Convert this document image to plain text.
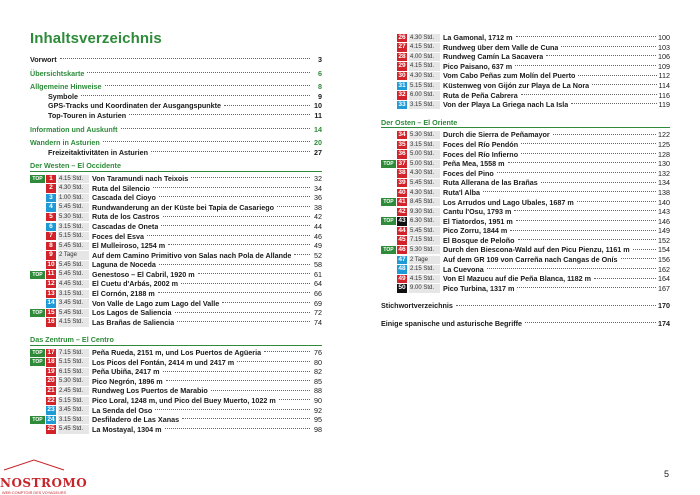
Inhaltsverzeichnis
Vorwort	3
Übersichtskarte	6
Allgemeine Hinweise	8
Symbole	9
GPS-Tracks und Koordinaten der Ausgangspunkte	10
Top-Touren in Asturien	11
Information und Auskunft	14
Wandern in Asturien	20
Freizeitaktivitäten in Asturien	27
Der Westen – El Occidente
TOP 1	4.15 Std.	Von Taramundi nach Teixois	32
2	4.30 Std.	Ruta del Silencio	34
3	1.00 Std.	Cascada del Cioyo	36
4	5.45 Std.	Rundwanderung an der Küste bei Tapia de Casariego	38
5	5.30 Std.	Ruta de los Castros	42
6	3.15 Std.	Cascadas de Oneta	44
7	5.15 Std.	Foces del Esva	46
8	5.45 Std.	El Mulleiroso, 1254 m	49
9	2 Tage	Auf dem Camino Primitivo von Salas nach Pola de Allande	52
10 5.45 Std.	Laguna de Noceda	58
TOP 11 5.45 Std.	Genestoso – El Cabril, 1920 m	61
12 4.45 Std.	El Cuetu d'Arbás, 2002 m	64
13 3.15 Std.	El Cornón, 2188 m	66
14 3.45 Std.	Von Valle de Lago zum Lago del Valle	69
TOP 15 5.45 Std.	Los Lagos de Saliencia	72
16 4.15 Std.	Las Brañas de Saliencia	74
Das Zentrum – El Centro
TOP 17 7.15 Std.	Peña Rueda, 2151 m, und Los Puertos de Agüeria	76
TOP 18 5.15 Std.	Los Picos del Fontán, 2414 m und 2417 m	80
19 6.15 Std.	Peña Ubiña, 2417 m	82
20 5.30 Std.	Pico Negrón, 1896 m	85
21 2.45 Std.	Rundweg Los Puertos de Marabio	88
22 5.15 Std.	Pico Loral, 1248 m, und Pico del Buey Muerto, 1022 m	90
23 3.45 Std.	La Senda del Oso	92
TOP 24 3.15 Std.	Desfiladero de Las Xanas	95
25 5.45 Std.	La Mostayal, 1304 m	98
26 4.30 Std.	La Gamonal, 1712 m	100
27 4.15 Std.	Rundweg über dem Valle de Cuna	103
28 4.00 Std.	Rundweg Camín La Sacavera	106
29 4.15 Std.	Pico Paisano, 637 m	109
30 4.30 Std.	Vom Cabo Peñas zum Molín del Puerto	112
31 5.15 Std.	Küstenweg von Gijón zur Playa de La Nora	114
32 6.00 Std.	Ruta de Peña Cabrera	116
33 3.15 Std.	Von der Playa La Griega nach La Isla	119
Der Osten – El Oriente
34 5.30 Std.	Durch die Sierra de Peñamayor	122
35 3.15 Std.	Foces del Río Pendón	125
36 5.00 Std.	Foces del Río Infierno	128
TOP 37 5.00 Std.	Peña Mea, 1558 m	130
38 4.30 Std.	Foces del Pino	132
39 5.45 Std.	Ruta Allerana de las Brañas	134
40 4.30 Std.	Ruta'l Alba	138
TOP 41 8.45 Std.	Los Arrudos und Lago Ubales, 1687 m	140
42 9.30 Std.	Cantu l'Osu, 1793 m	143
TOP 43 6.30 Std.	El Tiatordos, 1951 m	146
44 5.45 Std.	Pico Zorru, 1844 m	149
45 7.15 Std.	El Bosque de Peloño	152
TOP 46 5.30 Std.	Durch den Biescona-Wald auf den Picu Pienzu, 1161 m	154
47 2 Tage	Auf dem GR 109 von Carreña nach Cangas de Onís	156
48 2.15 Std.	La Cuevona	162
49 4.15 Std.	Von El Mazucu auf die Peña Blanca, 1182 m	164
50 9.00 Std.	Pico Turbina, 1317 m	167
Stichwortverzeichnis	170
Einige spanische und asturische Begriffe	174
5
NOSTROMO
WEB·COMPTOIR DES VOYAGEURS
